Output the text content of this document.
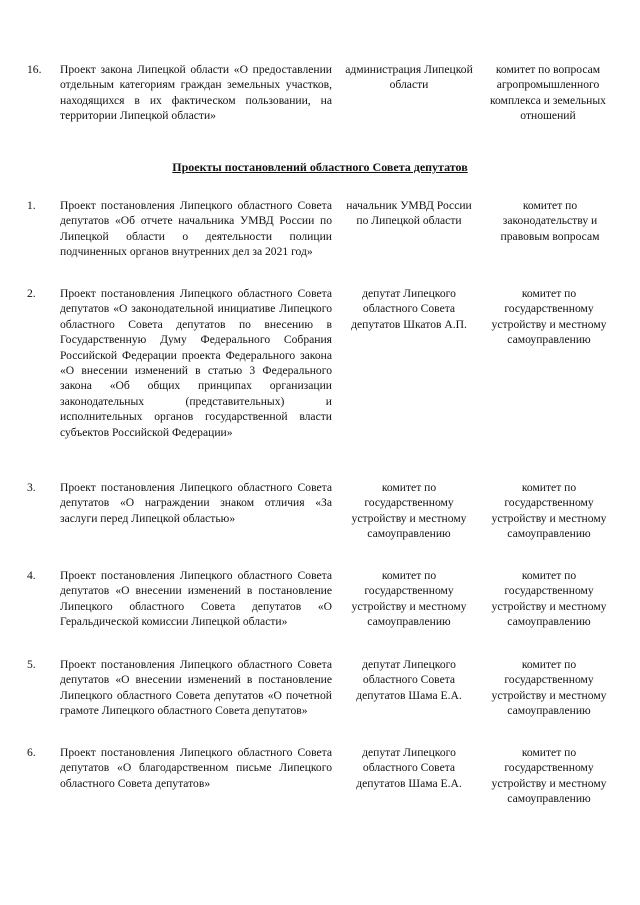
16.	Проект закона Липецкой области «О предоставлении отдельным категориям граждан земельных участков, находящихся в их фактическом пользовании, на территории Липецкой области»
администрация Липецкой области
комитет по вопросам агропромышленного комплекса и земельных отношений
Проекты постановлений областного Совета депутатов
1.	Проект постановления Липецкого областного Совета депутатов «Об отчете начальника УМВД России по Липецкой области о деятельности полиции подчиненных органов внутренних дел за 2021 год»
начальник УМВД России по Липецкой области
комитет по законодательству и правовым вопросам
2.	Проект постановления Липецкого областного Совета депутатов «О законодательной инициативе Липецкого областного Совета депутатов по внесению в Государственную Думу Федерального Собрания Российской Федерации проекта Федерального закона «О внесении изменений в статью 3 Федерального закона «Об общих принципах организации законодательных (представительных) и исполнительных органов государственной власти субъектов Российской Федерации»
депутат Липецкого областного Совета депутатов Шкатов А.П.
комитет по государственному устройству и местному самоуправлению
3.	Проект постановления Липецкого областного Совета депутатов «О награждении знаком отличия «За заслуги перед Липецкой областью»
комитет по государственному устройству и местному самоуправлению
комитет по государственному устройству и местному самоуправлению
4.	Проект постановления Липецкого областного Совета депутатов «О внесении изменений в постановление Липецкого областного Совета депутатов «О Геральдической комиссии Липецкой области»
комитет по государственному устройству и местному самоуправлению
комитет по государственному устройству и местному самоуправлению
5.	Проект постановления Липецкого областного Совета депутатов «О внесении изменений в постановление Липецкого областного Совета депутатов «О почетной грамоте Липецкого областного Совета депутатов»
депутат Липецкого областного Совета депутатов Шама Е.А.
комитет по государственному устройству и местному самоуправлению
6.	Проект постановления Липецкого областного Совета депутатов «О благодарственном письме Липецкого областного Совета депутатов»
депутат Липецкого областного Совета депутатов Шама Е.А.
комитет по государственному устройству и местному самоуправлению
